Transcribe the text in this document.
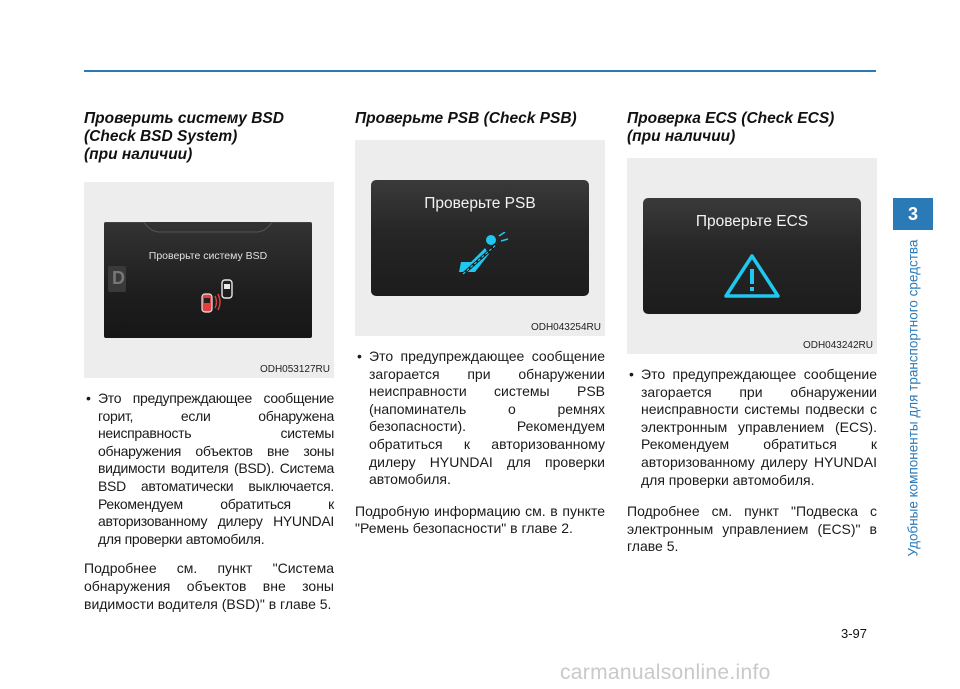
Проверить систему BSD
(Check BSD System)
(при наличии)
D
Проверьте систему BSD
ODH053127RU
• Это предупреждающее сообщение горит, если обнаружена неисправность системы обнаружения объектов вне зоны видимости водителя (BSD). Система BSD автоматически выключается. Рекомендуем обратиться к авторизованному дилеру HYUNDAI для проверки автомобиля.
Подробнее см. пункт "Система обнаружения объектов вне зоны видимости водителя (BSD)" в главе 5.
Проверьте PSB (Check PSB)
Проверьте PSB
ODH043254RU
• Это предупреждающее сообщение загорается при обнаружении неисправности системы PSB (напоминатель о ремнях безопасности). Рекомендуем обратиться к авторизованному дилеру HYUNDAI для проверки автомобиля.
Подробную информацию см. в пункте "Ремень безопасности" в главе 2.
Проверка ECS (Check ECS)
(при наличии)
Проверьте ECS
ODH043242RU
• Это предупреждающее сообщение загорается при обнаружении неисправности системы подвески с электронным управлением (ECS). Рекомендуем обратиться к авторизованному дилеру HYUNDAI для проверки автомобиля.
Подробнее см. пункт "Подвеска с электронным управлением (ECS)" в главе 5.
3
Удобные компоненты для транспортного средства
3-97
carmanualsonline.info
